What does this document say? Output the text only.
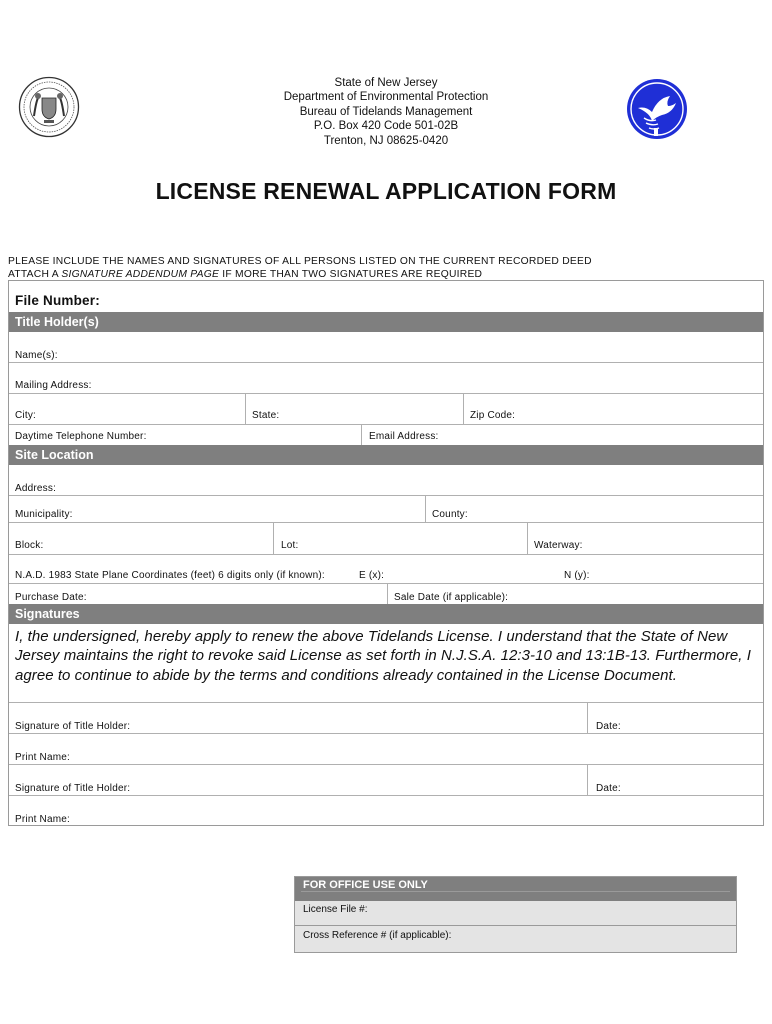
State of New Jersey
Department of Environmental Protection
Bureau of Tidelands Management
P.O. Box 420 Code 501-02B
Trenton, NJ 08625-0420
LICENSE RENEWAL APPLICATION FORM
PLEASE INCLUDE THE NAMES AND SIGNATURES OF ALL PERSONS LISTED ON THE CURRENT RECORDED DEED
ATTACH A SIGNATURE ADDENDUM PAGE IF MORE THAN TWO SIGNATURES ARE REQUIRED
File Number:
Title Holder(s)
Name(s):
Mailing Address:
City:	State:	Zip Code:
Daytime Telephone Number:	Email Address:
Site Location
Address:
Municipality:	County:
Block:	Lot:	Waterway:
N.A.D. 1983 State Plane Coordinates (feet) 6 digits only (if known):	E (x):	N (y):
Purchase Date:	Sale Date (if applicable):
Signatures
I, the undersigned, hereby apply to renew the above Tidelands License. I understand that the State of New Jersey maintains the right to revoke said License as set forth in N.J.S.A. 12:3-10 and 13:1B-13. Furthermore, I agree to continue to abide by the terms and conditions already contained in the License Document.
Signature of Title Holder:	Date:
Print Name:
Signature of Title Holder:	Date:
Print Name:
FOR OFFICE USE ONLY
License File #:
Cross Reference # (if applicable):
